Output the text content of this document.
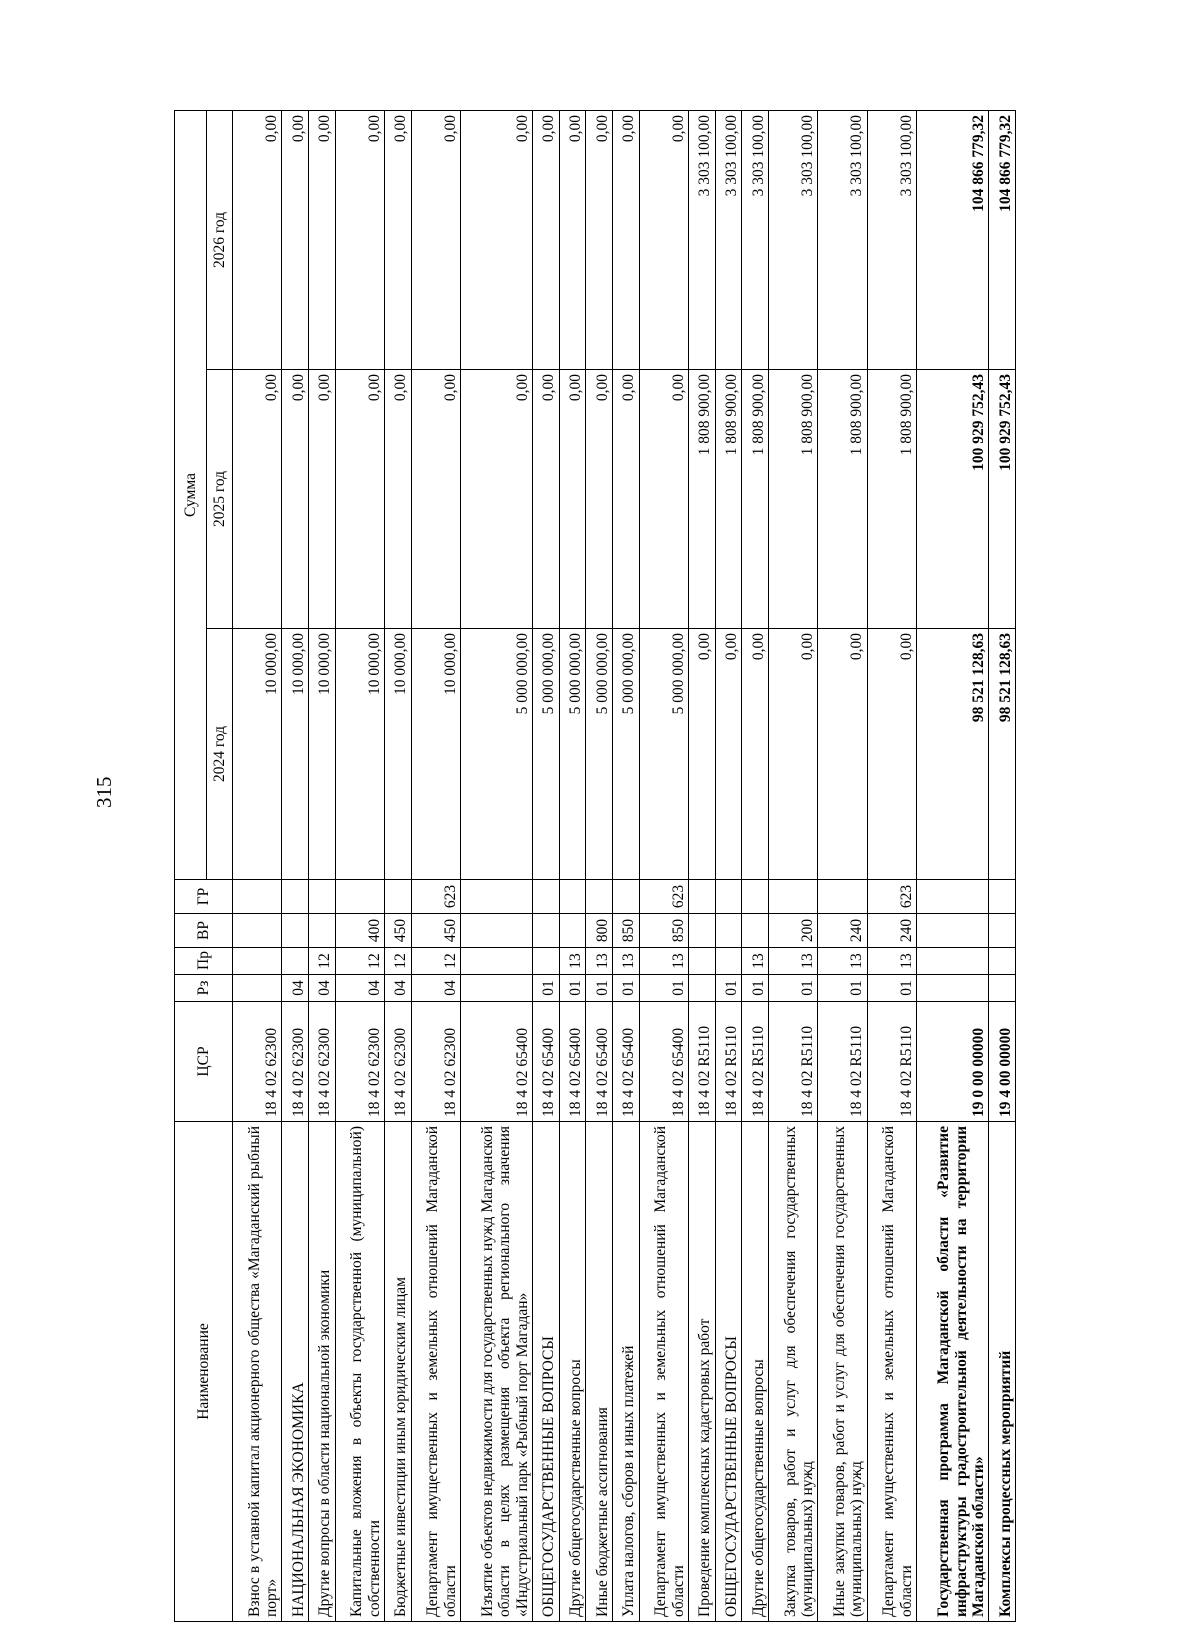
315
Наименование	ЦСР	Рз	Пр	ВР	ГР	Сумма		
						2024 год	2025 год	2026 год
Взнос в уставной капитал акционерного общества «Магаданский рыбный порт»	18 4 02 62300					10 000,00	0,00	0,00
НАЦИОНАЛЬНАЯ ЭКОНОМИКА	18 4 02 62300	04				10 000,00	0,00	0,00
Другие вопросы в области национальной экономики	18 4 02 62300	04	12			10 000,00	0,00	0,00
Капитальные вложения в объекты государственной (муниципальной) собственности	18 4 02 62300	04	12	400		10 000,00	0,00	0,00
Бюджетные инвестиции иным юридическим лицам	18 4 02 62300	04	12	450		10 000,00	0,00	0,00
Департамент имущественных и земельных отношений Магаданской области	18 4 02 62300	04	12	450	623	10 000,00	0,00	0,00
Изъятие объектов недвижимости для государственных нужд Магаданской области в целях размещения объекта регионального значения «Индустриальный парк «Рыбный порт Магадан»	18 4 02 65400					5 000 000,00	0,00	0,00
ОБЩЕГОСУДАРСТВЕННЫЕ ВОПРОСЫ	18 4 02 65400	01				5 000 000,00	0,00	0,00
Другие общегосударственные вопросы	18 4 02 65400	01	13			5 000 000,00	0,00	0,00
Иные бюджетные ассигнования	18 4 02 65400	01	13	800		5 000 000,00	0,00	0,00
Уплата налогов, сборов и иных платежей	18 4 02 65400	01	13	850		5 000 000,00	0,00	0,00
Департамент имущественных и земельных отношений Магаданской области	18 4 02 65400	01	13	850	623	5 000 000,00	0,00	0,00
Проведение комплексных кадастровых работ	18 4 02 R5110					0,00	1 808 900,00	3 303 100,00
ОБЩЕГОСУДАРСТВЕННЫЕ ВОПРОСЫ	18 4 02 R5110	01				0,00	1 808 900,00	3 303 100,00
Другие общегосударственные вопросы	18 4 02 R5110	01	13			0,00	1 808 900,00	3 303 100,00
Закупка товаров, работ и услуг для обеспечения государственных (муниципальных) нужд	18 4 02 R5110	01	13	200		0,00	1 808 900,00	3 303 100,00
Иные закупки товаров, работ и услуг для обеспечения государственных (муниципальных) нужд	18 4 02 R5110	01	13	240		0,00	1 808 900,00	3 303 100,00
Департамент имущественных и земельных отношений Магаданской области	18 4 02 R5110	01	13	240	623	0,00	1 808 900,00	3 303 100,00
Государственная программа Магаданской области «Развитие инфраструктуры градостроительной деятельности на территории Магаданской области»	19 0 00 00000					98 521 128,63	100 929 752,43	104 866 779,32
Комплексы процессных мероприятий	19 4 00 00000					98 521 128,63	100 929 752,43	104 866 779,32
